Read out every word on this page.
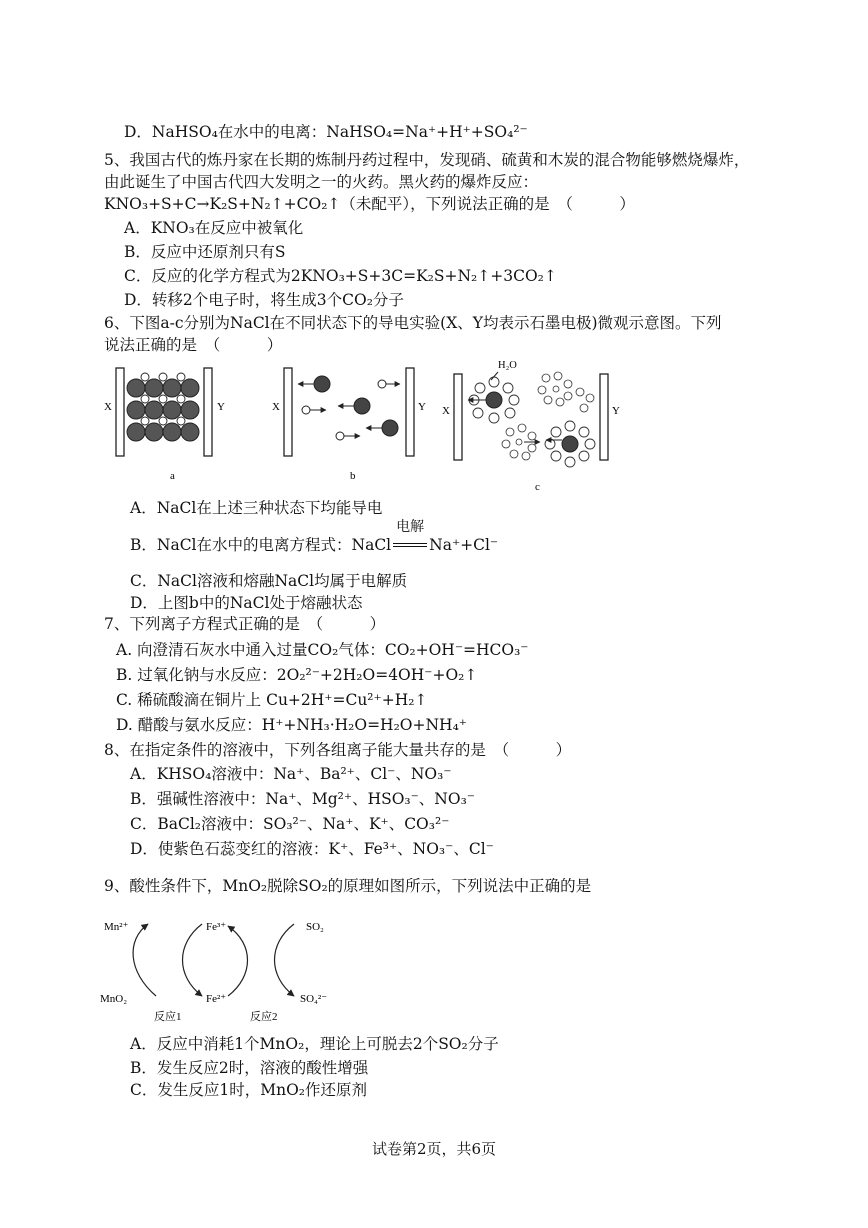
D．NaHSO₄在水中的电离：NaHSO₄=Na⁺+H⁺+SO₄²⁻
5、我国古代的炼丹家在长期的炼制丹药过程中，发现硝、硫黄和木炭的混合物能够燃烧爆炸，
由此诞生了中国古代四大发明之一的火药。黑火药的爆炸反应：
KNO₃+S+C→K₂S+N₂↑+CO₂↑（未配平），下列说法正确的是　（　　　）
A．KNO₃在反应中被氧化
B．反应中还原剂只有S
C．反应的化学方程式为2KNO₃+S+3C=K₂S+N₂↑+3CO₂↑
D．转移2个电子时，将生成3个CO₂分子
6、下图a-c分别为NaCl在不同状态下的导电实验(X、Y均表示石墨电极)微观示意图。下列
说法正确的是　（　　　）
X	Y
a
X	Y
b
H₂O
X	Y
c
A．NaCl在上述三种状态下均能导电
B．NaCl在水中的电离方程式：NaCl
电解
Na⁺+Cl⁻
C．NaCl溶液和熔融NaCl均属于电解质
D．上图b中的NaCl处于熔融状态
7、下列离子方程式正确的是　（　　　）
A. 向澄清石灰水中通入过量CO₂气体：CO₂+OH⁻=HCO₃⁻
B. 过氧化钠与水反应：2O₂²⁻+2H₂O=4OH⁻+O₂↑
C. 稀硫酸滴在铜片上 Cu+2H⁺=Cu²⁺+H₂↑
D. 醋酸与氨水反应：H⁺+NH₃·H₂O=H₂O+NH₄⁺
8、在指定条件的溶液中，下列各组离子能大量共存的是　（　　　）
A．KHSO₄溶液中：Na⁺、Ba²⁺、Cl⁻、NO₃⁻
B．强碱性溶液中：Na⁺、Mg²⁺、HSO₃⁻、NO₃⁻
C．BaCl₂溶液中：SO₃²⁻、Na⁺、K⁺、CO₃²⁻
D．使紫色石蕊变红的溶液：K⁺、Fe³⁺、NO₃⁻、Cl⁻
9、酸性条件下，MnO₂脱除SO₂的原理如图所示，下列说法中正确的是
Mn²⁺	Fe³⁺	SO₂
MnO₂	Fe²⁺	SO₄²⁻
反应1	反应2
A．反应中消耗1个MnO₂，理论上可脱去2个SO₂分子
B．发生反应2时，溶液的酸性增强
C．发生反应1时，MnO₂作还原剂
试卷第2页，共6页
